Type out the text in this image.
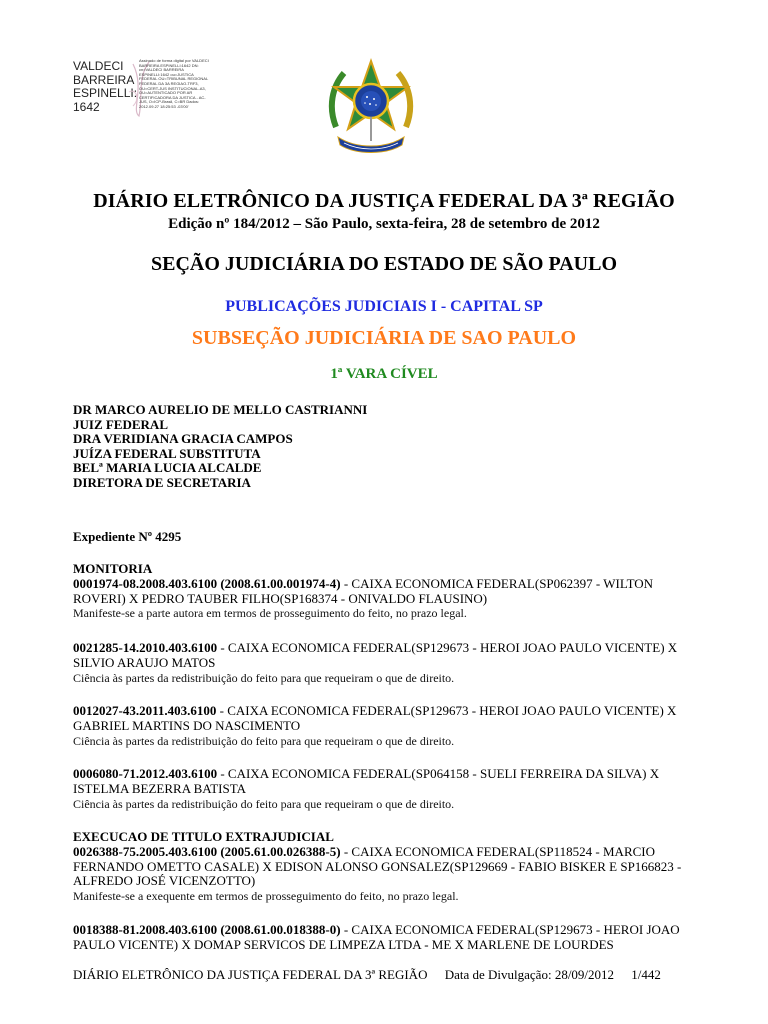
VALDECI
BARREIRA
ESPINELLI:
1642
Assinado de forma digital por VALDECI BARREIRA ESPINELLI:1642 DN: cn=VALDECI BARREIRA ESPINELLI:1642 ou=JUSTICA FEDERAL OU=TRIBUNAL REGIONAL FEDERAL DA 3A REGIAO-TRF3, OU=CERT-JUS INSTITUCIONAL-A3, OU=AUTENTICADO POR AR CERTIFICADORA DA JUSTICA - AC-JUS, O=ICP-Brasil, C=BR Dados: 2012.09.27 18:25:53 -03'00'
DIÁRIO ELETRÔNICO DA JUSTIÇA FEDERAL DA 3ª REGIÃO
Edição nº 184/2012 – São Paulo, sexta-feira, 28 de setembro de 2012
SEÇÃO JUDICIÁRIA DO ESTADO DE SÃO PAULO
PUBLICAÇÕES JUDICIAIS I - CAPITAL SP
SUBSEÇÃO JUDICIÁRIA DE SAO PAULO
1ª VARA CÍVEL
DR MARCO AURELIO DE MELLO CASTRIANNI
JUIZ FEDERAL
DRA VERIDIANA GRACIA CAMPOS
JUÍZA FEDERAL SUBSTITUTA
BELª MARIA LUCIA ALCALDE
DIRETORA DE SECRETARIA
Expediente Nº 4295
MONITORIA
0001974-08.2008.403.6100 (2008.61.00.001974-4) - CAIXA ECONOMICA FEDERAL(SP062397 - WILTON ROVERI) X PEDRO TAUBER FILHO(SP168374 - ONIVALDO FLAUSINO)
Manifeste-se a parte autora em termos de prosseguimento do feito, no prazo legal.
0021285-14.2010.403.6100 - CAIXA ECONOMICA FEDERAL(SP129673 - HEROI JOAO PAULO VICENTE) X SILVIO ARAUJO MATOS
Ciência às partes da redistribuição do feito para que requeiram o que de direito.
0012027-43.2011.403.6100 - CAIXA ECONOMICA FEDERAL(SP129673 - HEROI JOAO PAULO VICENTE) X GABRIEL MARTINS DO NASCIMENTO
Ciência às partes da redistribuição do feito para que requeiram o que de direito.
0006080-71.2012.403.6100 - CAIXA ECONOMICA FEDERAL(SP064158 - SUELI FERREIRA DA SILVA) X ISTELMA BEZERRA BATISTA
Ciência às partes da redistribuição do feito para que requeiram o que de direito.
EXECUCAO DE TITULO EXTRAJUDICIAL
0026388-75.2005.403.6100 (2005.61.00.026388-5) - CAIXA ECONOMICA FEDERAL(SP118524 - MARCIO FERNANDO OMETTO CASALE) X EDISON ALONSO GONSALEZ(SP129669 - FABIO BISKER E SP166823 - ALFREDO JOSÉ VICENZOTTO)
Manifeste-se a exequente em termos de prosseguimento do feito, no prazo legal.
0018388-81.2008.403.6100 (2008.61.00.018388-0) - CAIXA ECONOMICA FEDERAL(SP129673 - HEROI JOAO PAULO VICENTE) X DOMAP SERVICOS DE LIMPEZA LTDA - ME X MARLENE DE LOURDES
DIÁRIO ELETRÔNICO DA JUSTIÇA FEDERAL DA 3ª REGIÃO Data de Divulgação: 28/09/2012 1/442
